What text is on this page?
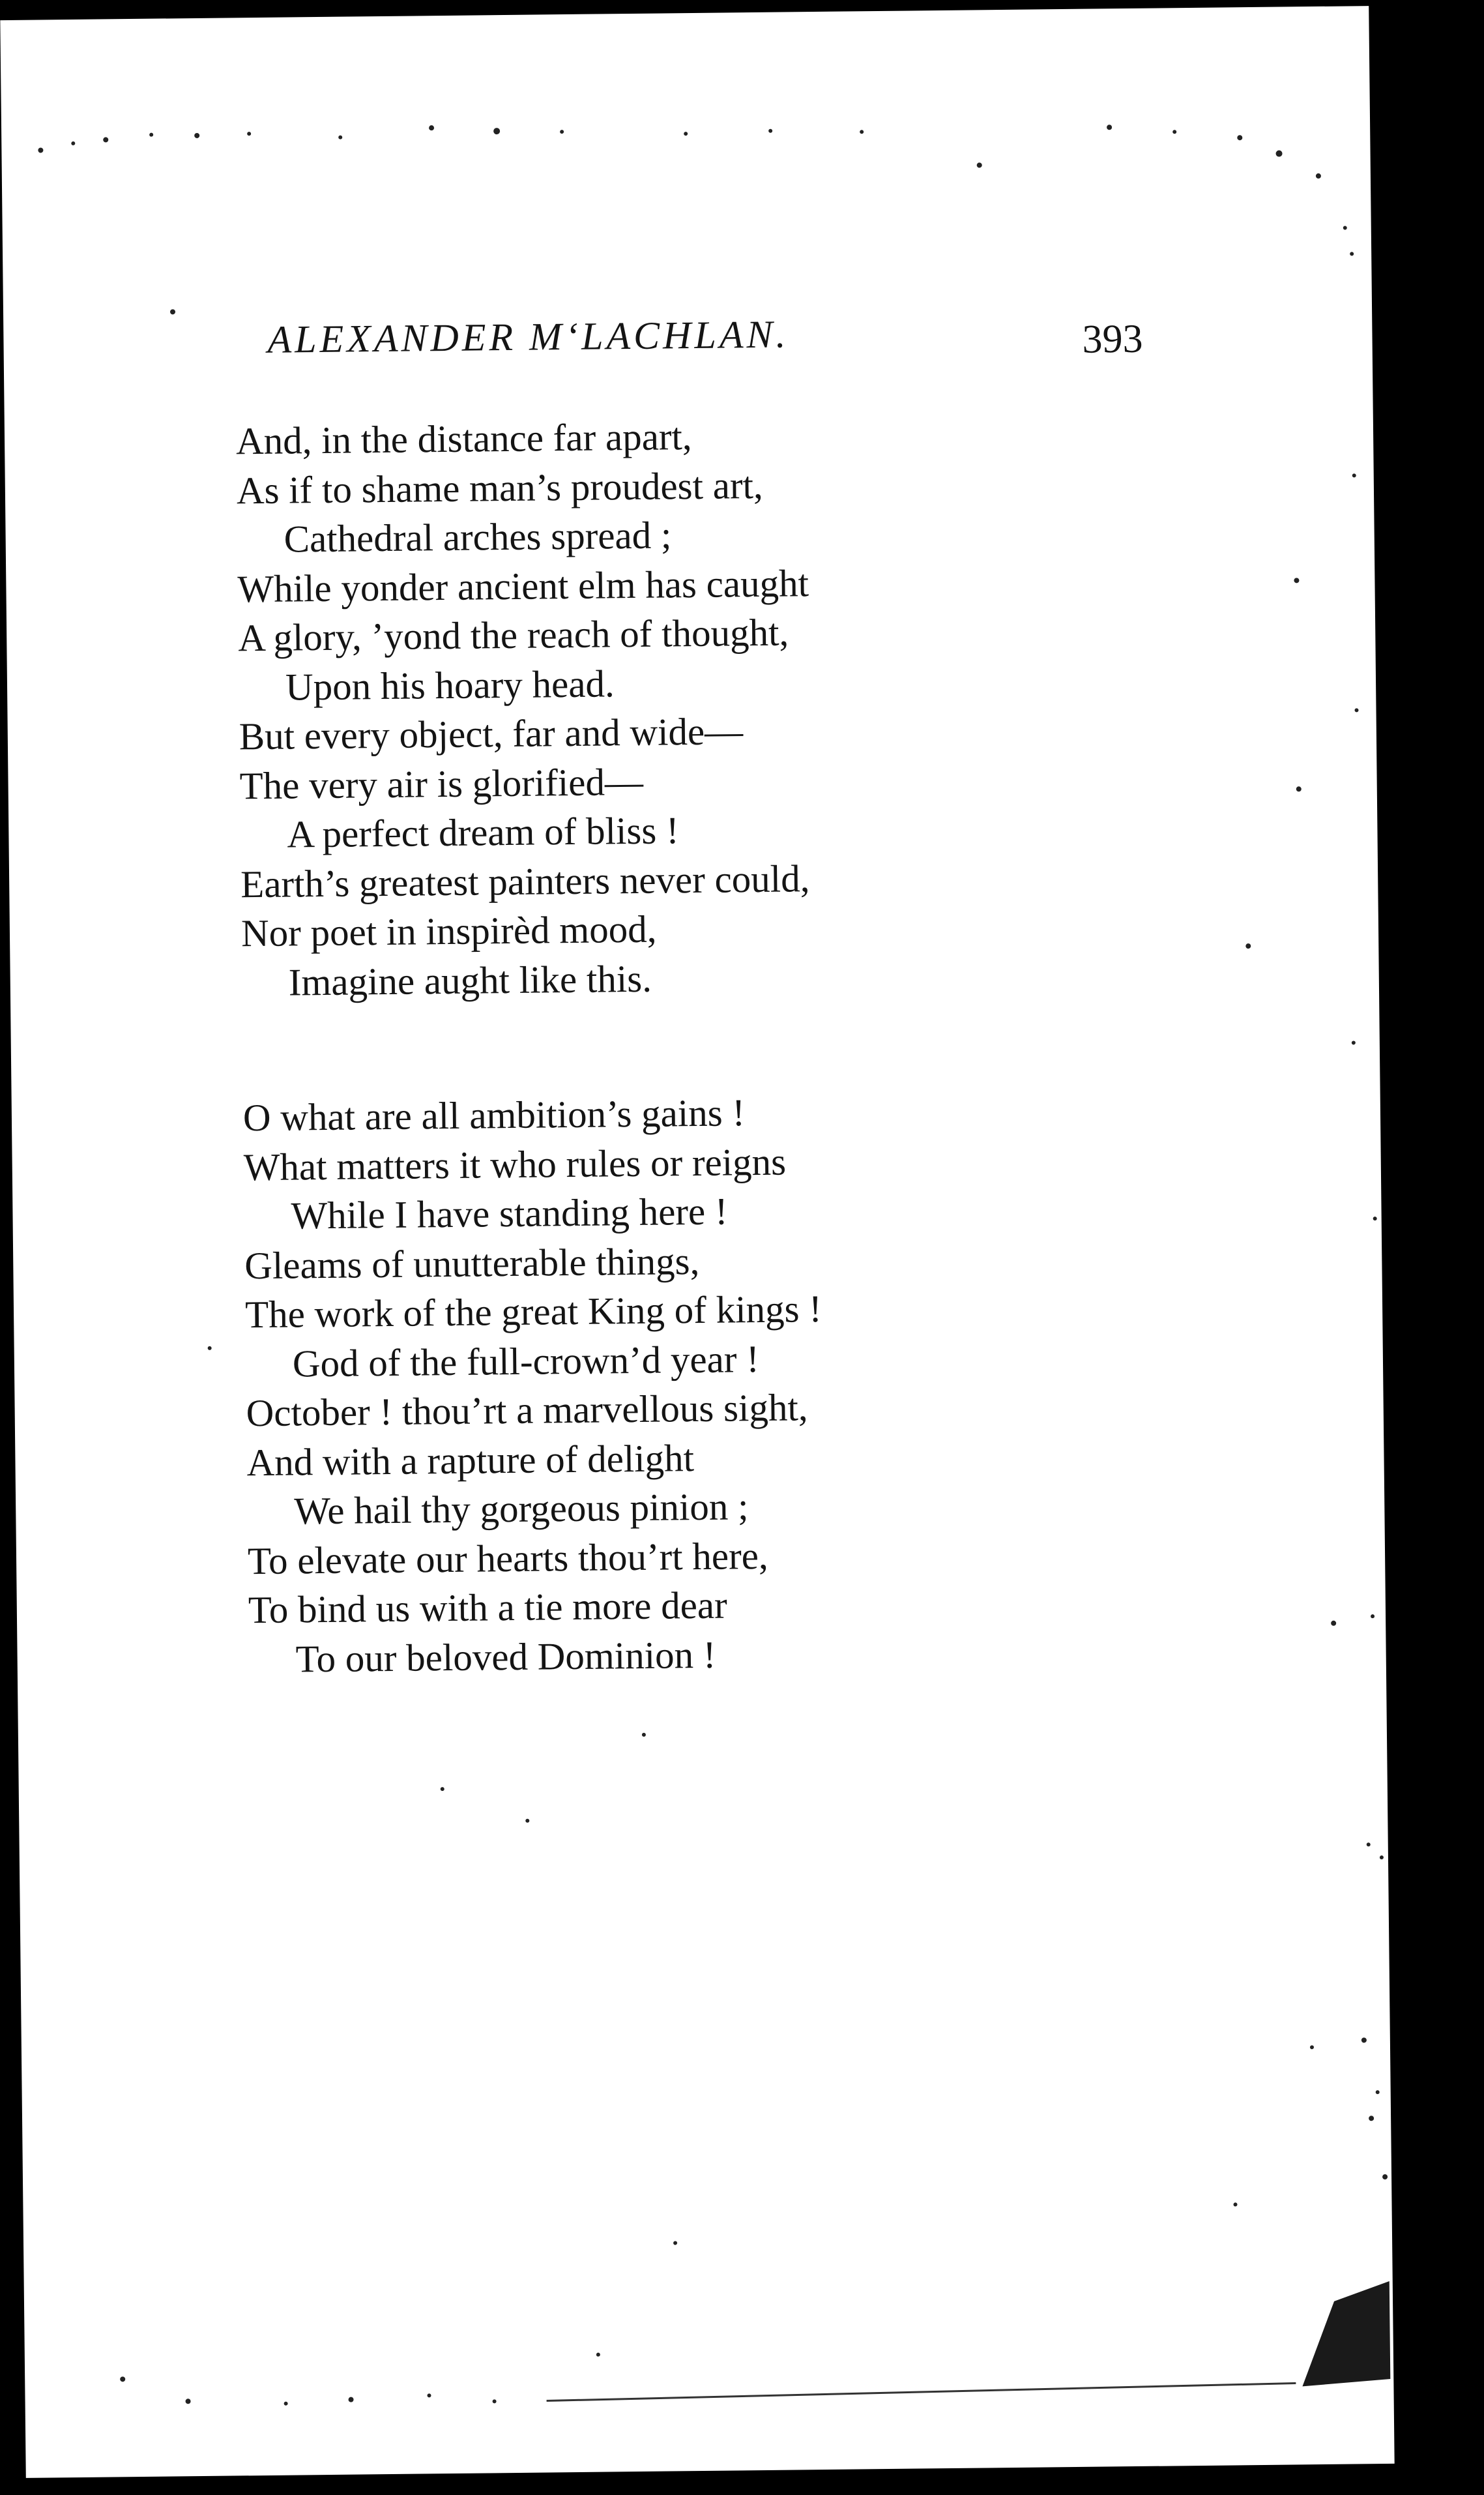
ALEXANDER M‘LACHLAN.	393
And, in the distance far apart,
As if to shame man’s proudest art,
Cathedral arches spread ;
While yonder ancient elm has caught
A glory, ’yond the reach of thought,
Upon his hoary head.
But every object, far and wide—
The very air is glorified—
A perfect dream of bliss !
Earth’s greatest painters never could,
Nor poet in inspirèd mood,
Imagine aught like this.
O what are all ambition’s gains !
What matters it who rules or reigns
While I have standing here !
Gleams of unutterable things,
The work of the great King of kings !
God of the full-crown’d year !
October ! thou’rt a marvellous sight,
And with a rapture of delight
We hail thy gorgeous pinion ;
To elevate our hearts thou’rt here,
To bind us with a tie more dear
To our beloved Dominion !
